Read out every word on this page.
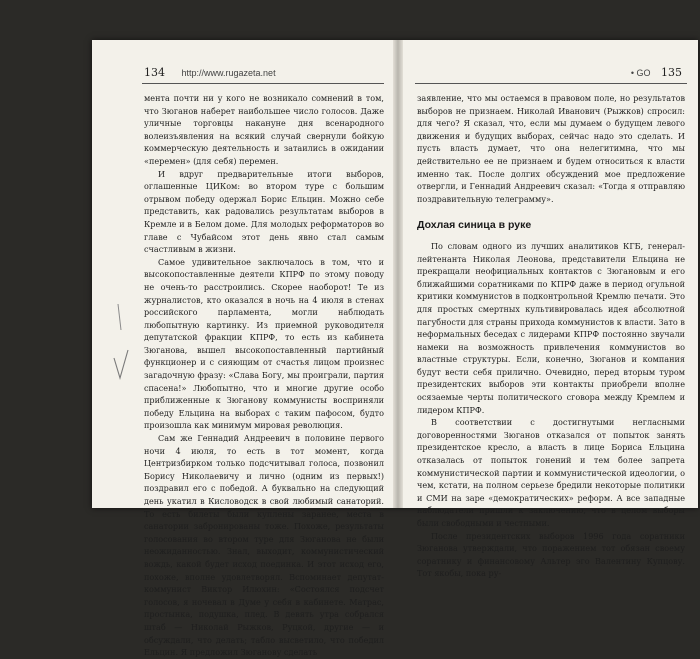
134 http://www.rugazeta.net

мента почти ни у кого не возникало сомнений в том, что Зюганов наберет наибольшее число голосов. Даже уличные торговцы накануне дня всенародного волеизъявления на всякий случай свернули бойкую коммерческую деятельность и затаились в ожидании «перемен» (для себя) перемен.

И вдруг предварительные итоги выборов, оглашенные ЦИКом: во втором туре с большим отрывом победу одержал Борис Ельцин. Можно себе представить, как радовались результатам выборов в Кремле и в Белом доме. Для молодых реформаторов во главе с Чубайсом этот день явно стал самым счастливым в жизни.

Самое удивительное заключалось в том, что и высокопоставленные деятели КПРФ по этому поводу не очень-то расстроились. Скорее наоборот! Те из журналистов, кто оказался в ночь на 4 июля в стенах российского парламента, могли наблюдать любопытную картинку. Из приемной руководителя депутатской фракции КПРФ, то есть из кабинета Зюганова, вышел высокопоставленный партийный функционер и с сияющим от счастья лицом произнес загадочную фразу: «Слава Богу, мы проиграли, партия спасена!» Любопытно, что и многие другие особо приближенные к Зюганову коммунисты восприняли победу Ельцина на выборах с таким пафосом, будто произошла как минимум мировая революция.

Сам же Геннадий Андреевич в половине первого ночи 4 июля, то есть в тот момент, когда Центризбирком только подсчитывал голоса, позвонил Борису Николаевичу и лично (одним из первых!) поздравил его с победой. А буквально на следующий день укатил в Кисловодск в свой любимый санаторий. То есть билеты были куплены заранее, места в санатории забронированы тоже. Похоже, результаты голосования во втором туре для Зюганова не были неожиданностью. Знал, выходит, коммунистический вождь, какой будет исход поединка. И этот исход его, похоже, вполне удовлетворял. Вспоминает депутат-коммунист Виктор Илюхин: «Состоялся подсчет голосов, я ночевал в Думе у себя в кабинете. Матрас, простынка, подушка, плед. В девять утра собрался штаб — Николай Рыжков, Руцкой, другие — и обсуждали, что делать; табло высветило, что победил Ельцин. Я предложил Зюганову сделать

• GO 135

заявление, что мы остаемся в правовом поле, но результатов выборов не признаем. Николай Иванович (Рыжков) спросил: для чего? Я сказал, что, если мы думаем о будущем левого движения и будущих выборах, сейчас надо это сделать. И пусть власть думает, что она нелегитимна, что мы действительно ее не признаем и будем относиться к власти именно так. После долгих обсуждений мое предложение отвергли, и Геннадий Андреевич сказал: «Тогда я отправляю поздравительную телеграмму».

Дохлая синица в руке

По словам одного из лучших аналитиков КГБ, генерал-лейтенанта Николая Леонова, представители Ельцина не прекращали неофициальных контактов с Зюгановым и его ближайшими соратниками по КПРФ даже в период огульной критики коммунистов в подконтрольной Кремлю печати. Это для простых смертных культивировалась идея абсолютной пагубности для страны прихода коммунистов к власти. Зато в неформальных беседах с лидерами КПРФ постоянно звучали намеки на возможность привлечения коммунистов во властные структуры. Если, конечно, Зюганов и компания будут вести себя прилично. Очевидно, перед вторым туром президентских выборов эти контакты приобрели вполне осязаемые черты политического сговора между Кремлем и лидером КПРФ.

В соответствии с достигнутыми негласными договоренностями Зюганов отказался от попыток занять президентское кресло, а власть в лице Бориса Ельцина отказалась от попыток гонений и тем более запрета коммунистической партии и коммунистической идеологии, о чем, кстати, на полном серьезе бредили некоторые политики и СМИ на заре «демократических» реформ. А все западные наблюдатели пришли к заключению, что в целом выборы были свободными и честными.

После президентских выборов 1996 года соратники Зюганова утверждали, что поражением тот обязан своему соратнику и финансовому Альтер эго Валентину Купцову. Тот якобы, пока ру-
